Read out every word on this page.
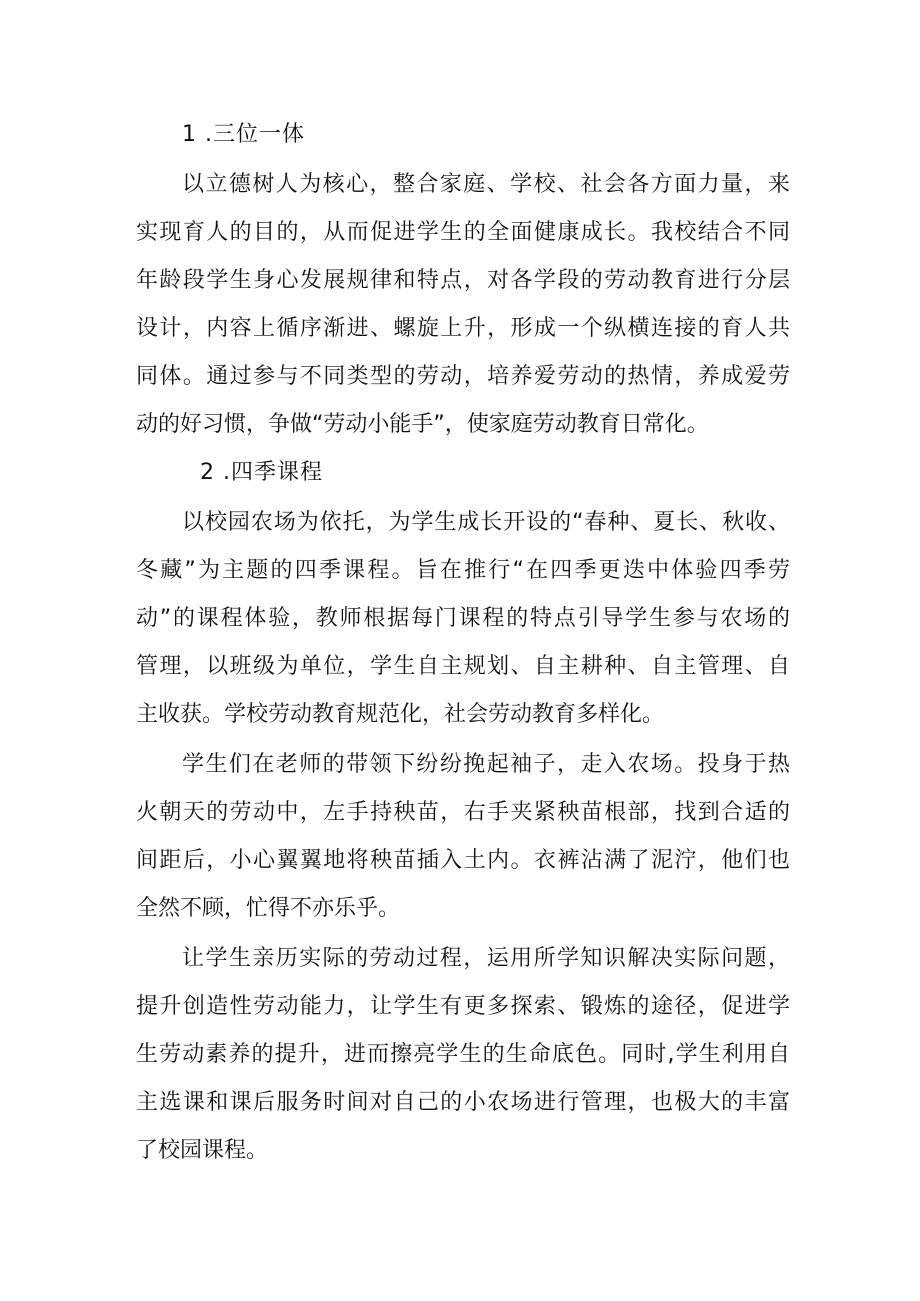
1 .三位一体
以立德树人为核心，整合家庭、学校、社会各方面力量，来
实现育人的目的，从而促进学生的全面健康成长。我校结合不同
年龄段学生身心发展规律和特点，对各学段的劳动教育进行分层
设计，内容上循序渐进、螺旋上升，形成一个纵横连接的育人共
同体。通过参与不同类型的劳动，培养爱劳动的热情，养成爱劳
动的好习惯，争做“劳动小能手”，使家庭劳动教育日常化。
2 .四季课程
以校园农场为依托，为学生成长开设的“春种、夏长、秋收、
冬藏”为主题的四季课程。旨在推行“在四季更迭中体验四季劳
动”的课程体验，教师根据每门课程的特点引导学生参与农场的
管理，以班级为单位，学生自主规划、自主耕种、自主管理、自
主收获。学校劳动教育规范化，社会劳动教育多样化。
学生们在老师的带领下纷纷挽起袖子，走入农场。投身于热
火朝天的劳动中，左手持秧苗，右手夹紧秧苗根部，找到合适的
间距后，小心翼翼地将秧苗插入土内。衣裤沾满了泥泞，他们也
全然不顾，忙得不亦乐乎。
让学生亲历实际的劳动过程，运用所学知识解决实际问题，
提升创造性劳动能力，让学生有更多探索、锻炼的途径，促进学
生劳动素养的提升，进而擦亮学生的生命底色。同时,学生利用自
主选课和课后服务时间对自己的小农场进行管理，也极大的丰富
了校园课程。
